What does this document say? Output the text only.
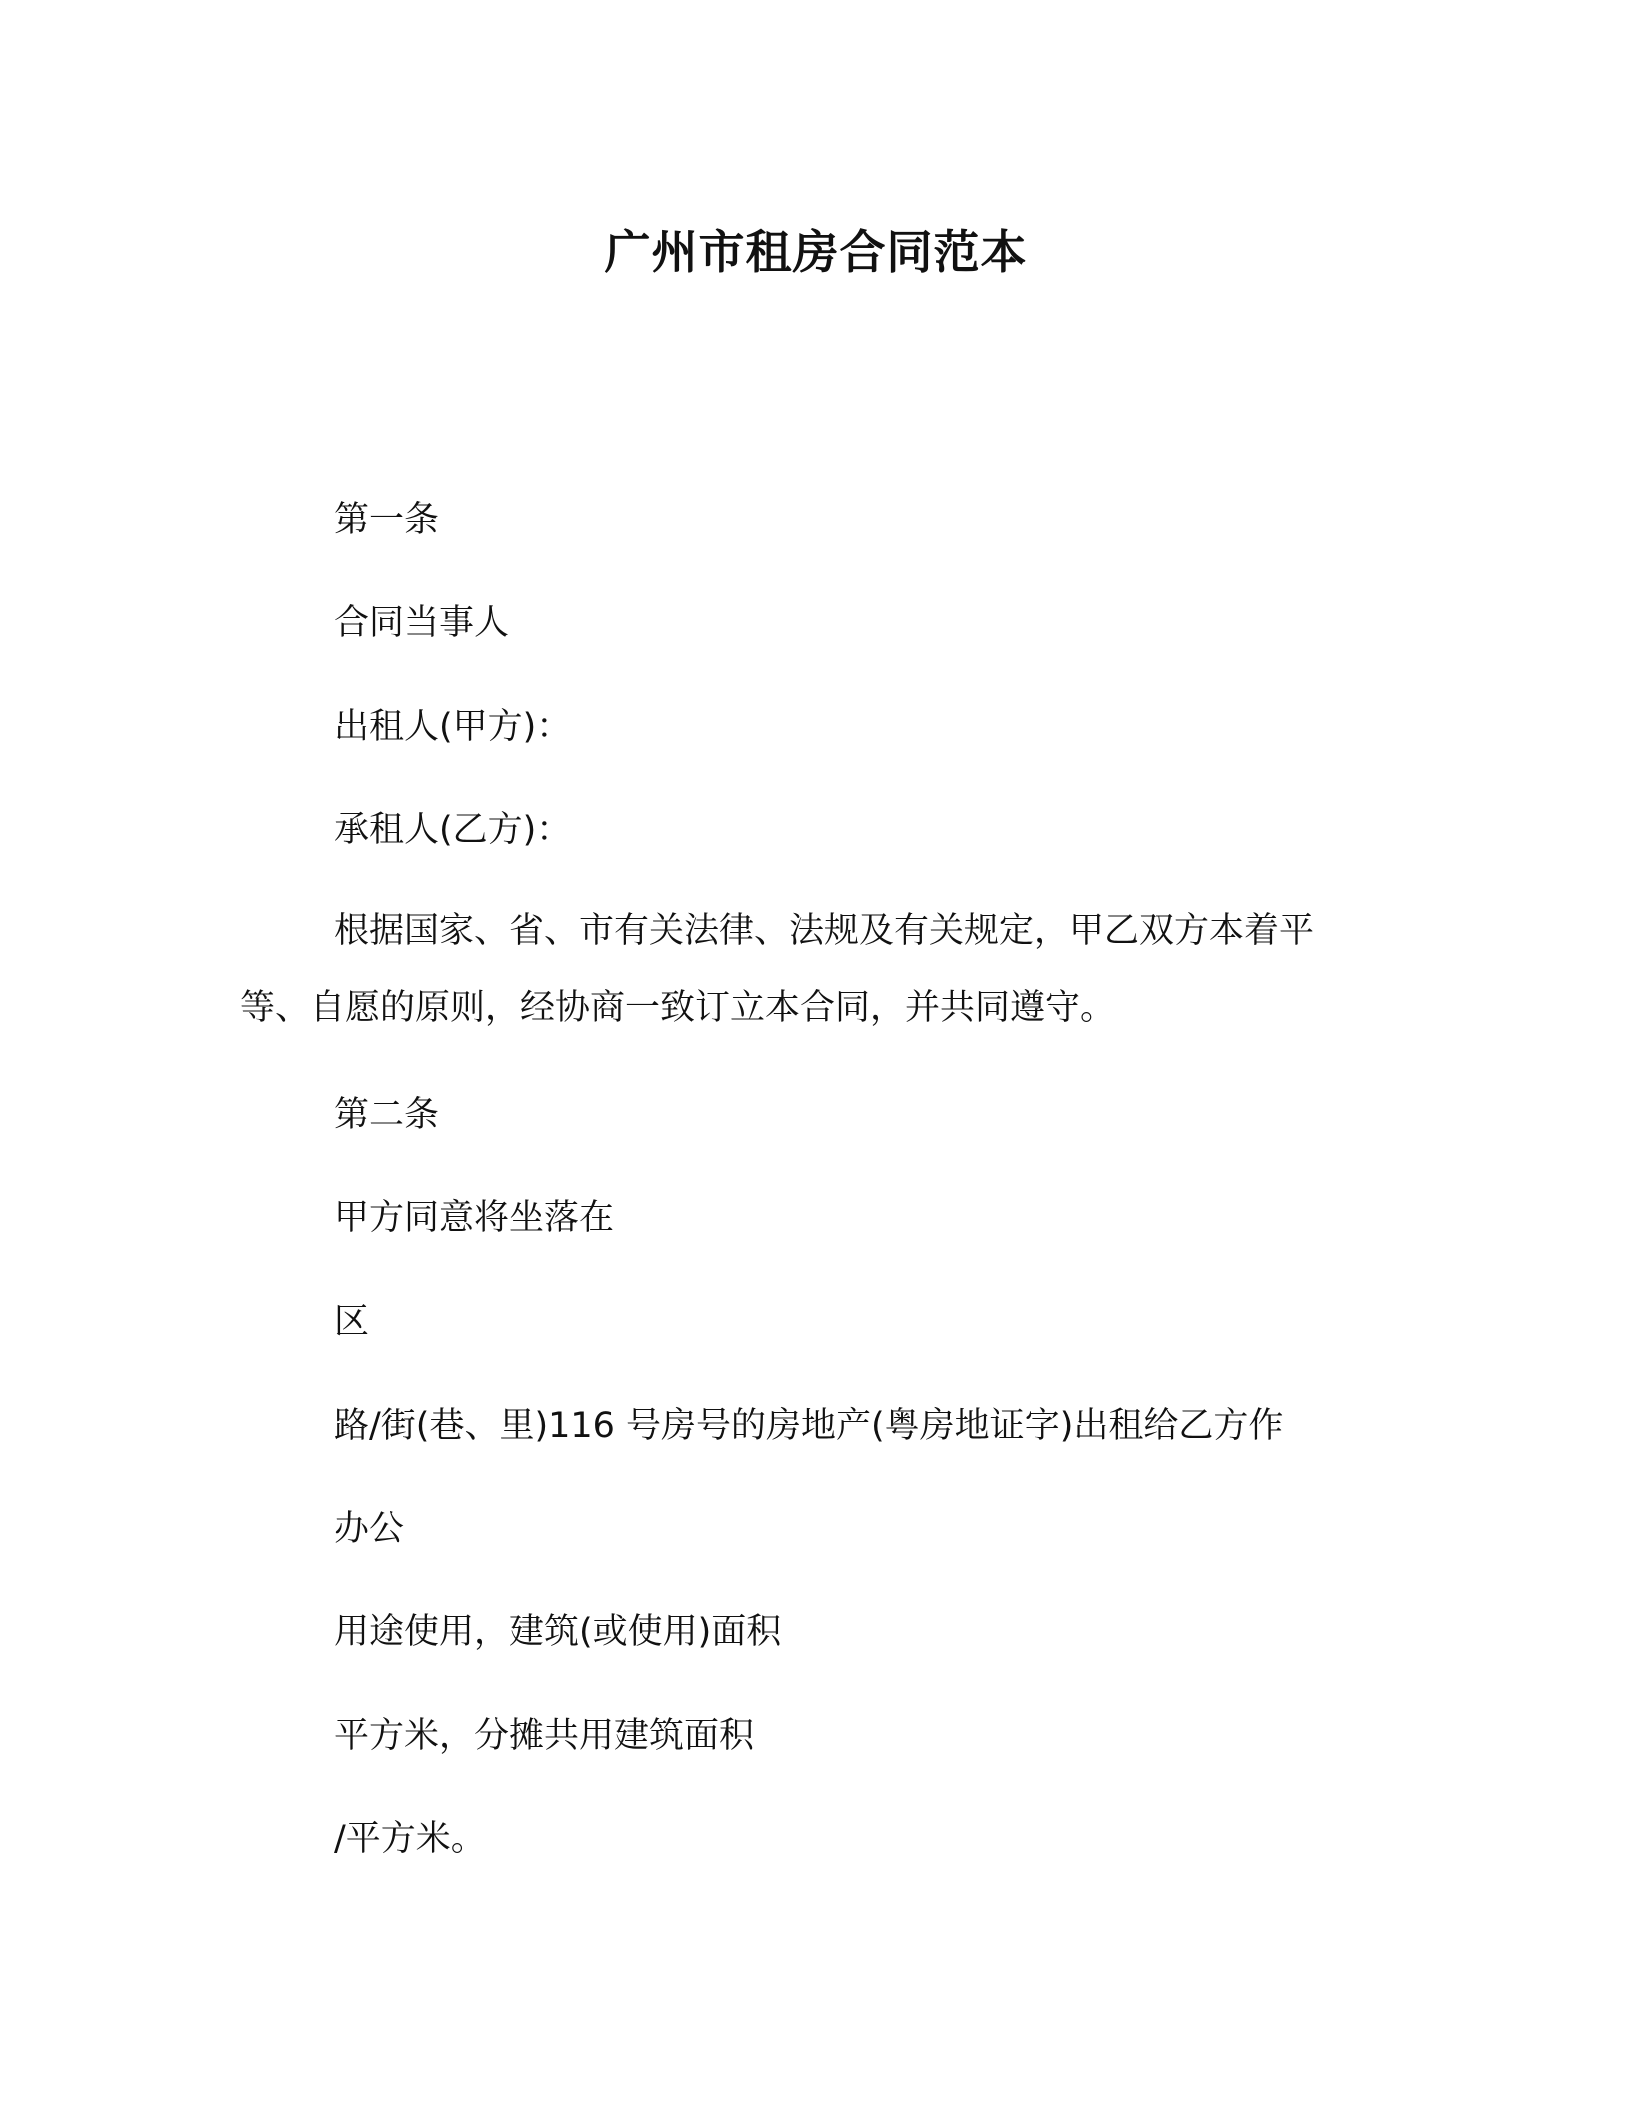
广州市租房合同范本
第一条
合同当事人
出租人(甲方)：
承租人(乙方)：
根据国家、省、市有关法律、法规及有关规定，甲乙双方本着平等、自愿的原则，经协商一致订立本合同，并共同遵守。
第二条
甲方同意将坐落在
区
路/街(巷、里)116 号房号的房地产(粤房地证字)出租给乙方作
办公
用途使用，建筑(或使用)面积
平方米，分摊共用建筑面积
/平方米。
